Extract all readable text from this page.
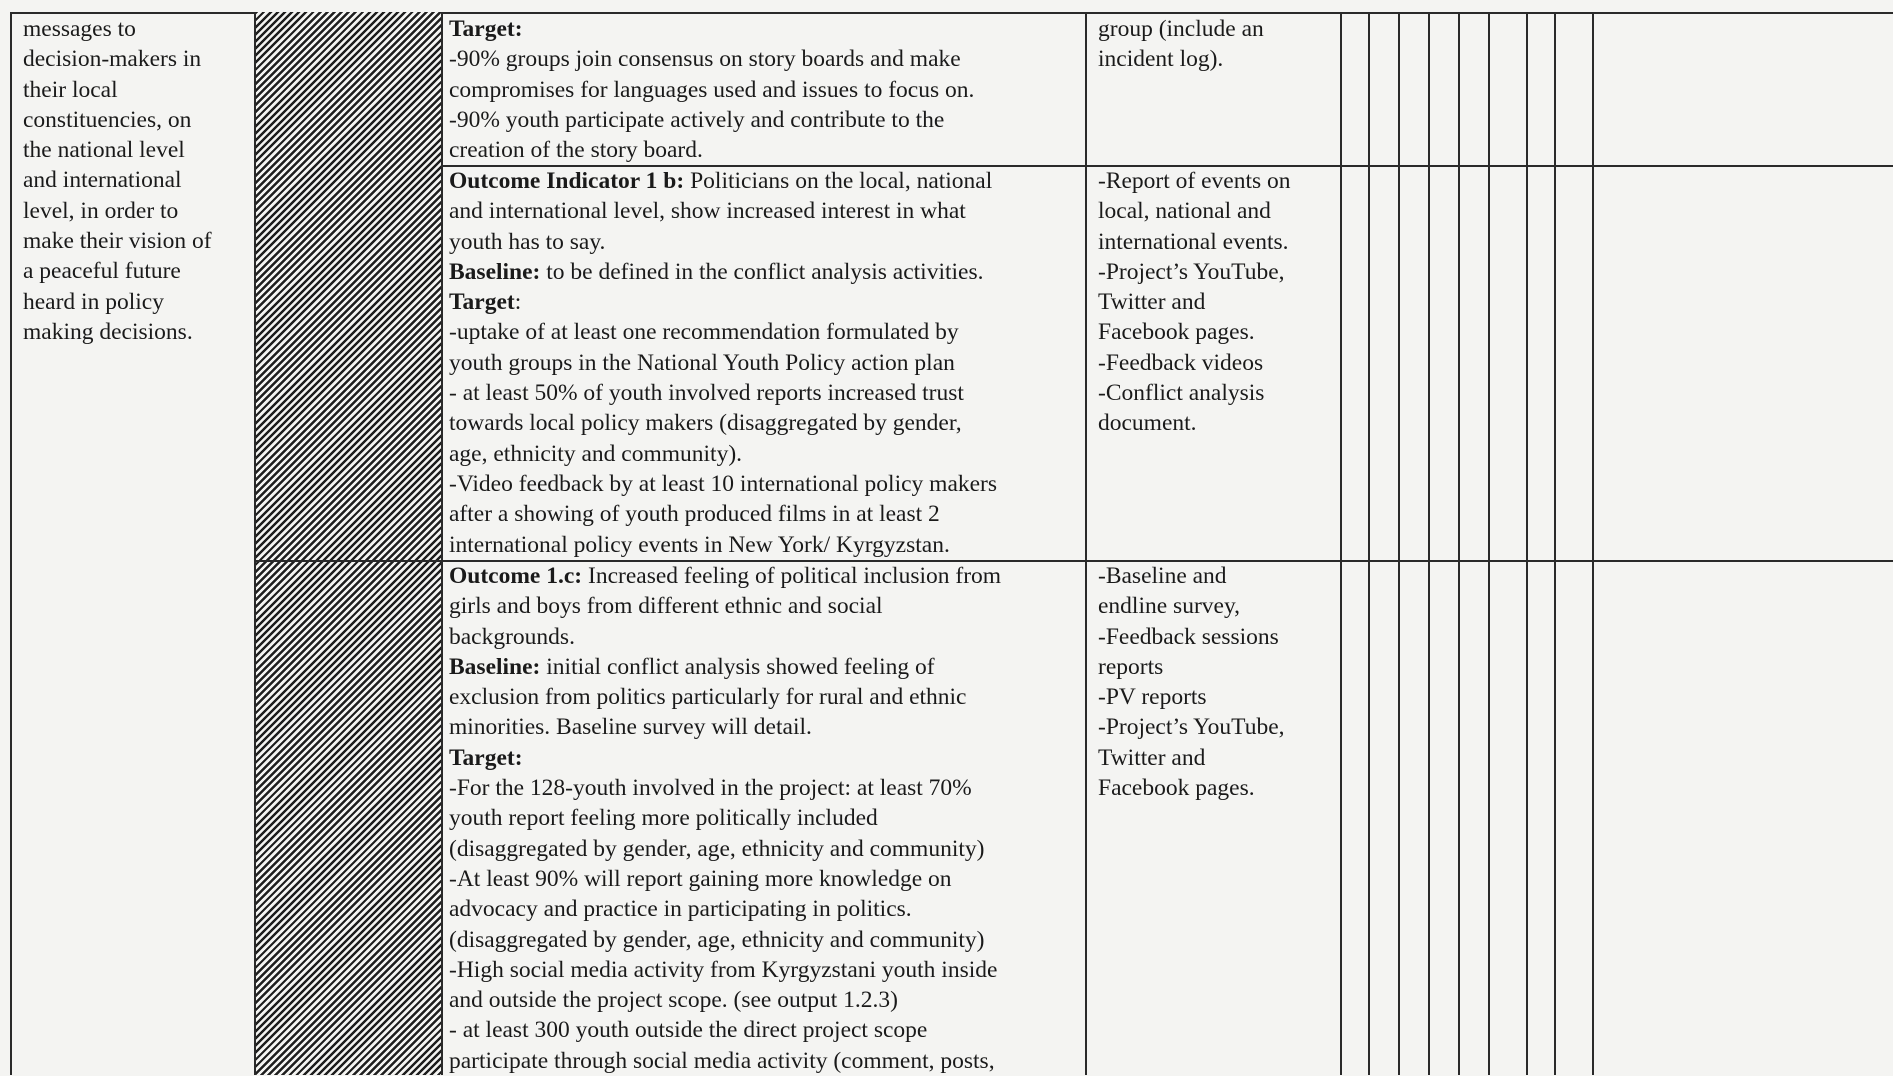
messages to
decision-makers in
their local
constituencies, on
the national level
and international
level, in order to
make their vision of
a peaceful future
heard in policy
making decisions.
Target:
-90% groups join consensus on story boards and make
compromises for languages used and issues to focus on.
-90% youth participate actively and contribute to the
creation of the story board.
group (include an
incident log).
Outcome Indicator 1 b: Politicians on the local, national
and international level, show increased interest in what
youth has to say.
Baseline: to be defined in the conflict analysis activities.
Target:
-uptake of at least one recommendation formulated by
youth groups in the National Youth Policy action plan
- at least 50% of youth involved reports increased trust
towards local policy makers (disaggregated by gender,
age, ethnicity and community).
-Video feedback by at least 10 international policy makers
after a showing of youth produced films in at least 2
international policy events in New York/ Kyrgyzstan.
-Report of events on
local, national and
international events.
-Project’s YouTube,
Twitter and
Facebook pages.
-Feedback videos
-Conflict analysis
document.
Outcome 1.c: Increased feeling of political inclusion from
girls and boys from different ethnic and social
backgrounds.
Baseline: initial conflict analysis showed feeling of
exclusion from politics particularly for rural and ethnic
minorities. Baseline survey will detail.
Target:
-For the 128-youth involved in the project: at least 70%
youth report feeling more politically included
(disaggregated by gender, age, ethnicity and community)
-At least 90% will report gaining more knowledge on
advocacy and practice in participating in politics.
(disaggregated by gender, age, ethnicity and community)
-High social media activity from Kyrgyzstani youth inside
and outside the project scope. (see output 1.2.3)
- at least 300 youth outside the direct project scope
participate through social media activity (comment, posts,
-Baseline and
endline survey,
-Feedback sessions
reports
-PV reports
-Project’s YouTube,
Twitter and
Facebook pages.
